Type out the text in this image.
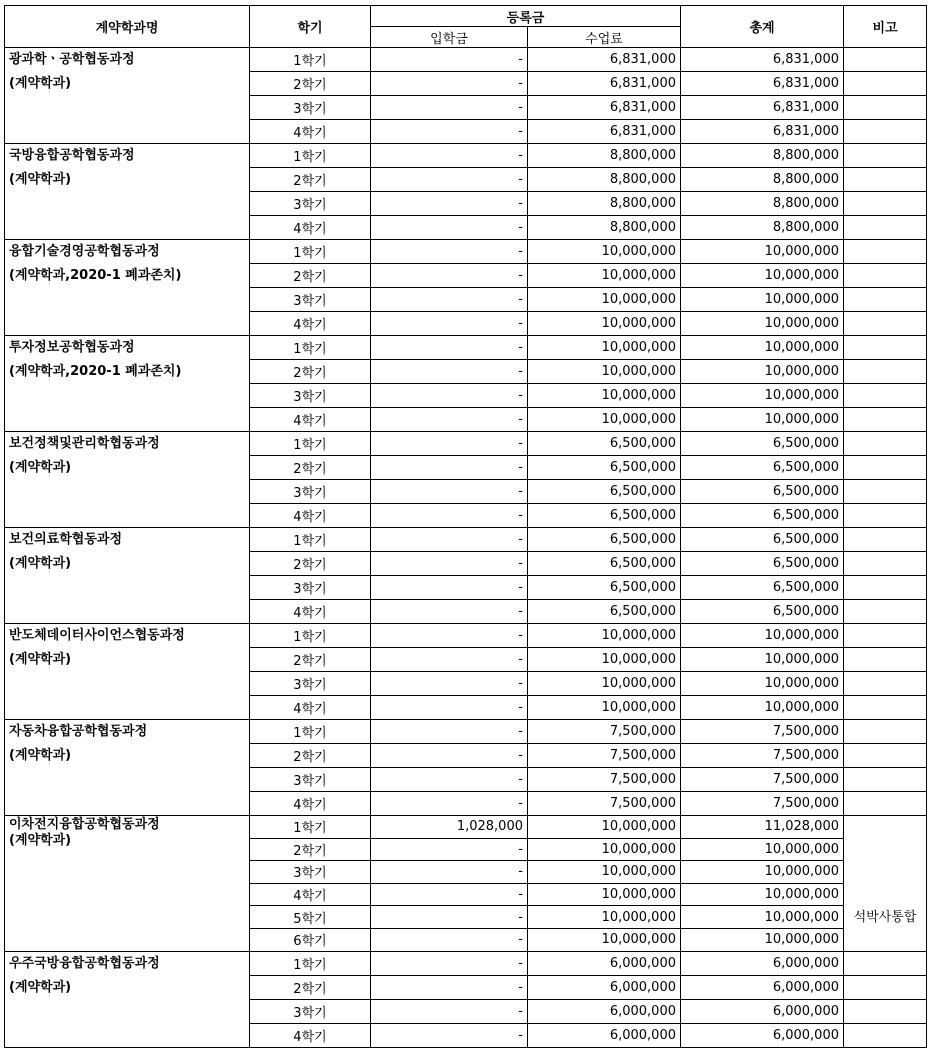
계약학과명	학기	등록금		총계	비고
		입학금	수업료		

광과학ㆍ공학협동과정
(계약학과)	1학기	-	6,831,000	6,831,000	
	2학기	-	6,831,000	6,831,000	
	3학기	-	6,831,000	6,831,000	
	4학기	-	6,831,000	6,831,000	

국방융합공학협동과정
(계약학과)	1학기	-	8,800,000	8,800,000	
	2학기	-	8,800,000	8,800,000	
	3학기	-	8,800,000	8,800,000	
	4학기	-	8,800,000	8,800,000	

융합기술경영공학협동과정
(계약학과,2020-1 폐과존치)	1학기	-	10,000,000	10,000,000	
	2학기	-	10,000,000	10,000,000	
	3학기	-	10,000,000	10,000,000	
	4학기	-	10,000,000	10,000,000	

투자정보공학협동과정
(계약학과,2020-1 폐과존치)	1학기	-	10,000,000	10,000,000	
	2학기	-	10,000,000	10,000,000	
	3학기	-	10,000,000	10,000,000	
	4학기	-	10,000,000	10,000,000	

보건정책및관리학협동과정
(계약학과)	1학기	-	6,500,000	6,500,000	
	2학기	-	6,500,000	6,500,000	
	3학기	-	6,500,000	6,500,000	
	4학기	-	6,500,000	6,500,000	

보건의료학협동과정
(계약학과)	1학기	-	6,500,000	6,500,000	
	2학기	-	6,500,000	6,500,000	
	3학기	-	6,500,000	6,500,000	
	4학기	-	6,500,000	6,500,000	

반도체데이터사이언스협동과정
(계약학과)	1학기	-	10,000,000	10,000,000	
	2학기	-	10,000,000	10,000,000	
	3학기	-	10,000,000	10,000,000	
	4학기	-	10,000,000	10,000,000	

자동차융합공학협동과정
(계약학과)	1학기	-	7,500,000	7,500,000	
	2학기	-	7,500,000	7,500,000	
	3학기	-	7,500,000	7,500,000	
	4학기	-	7,500,000	7,500,000	

이차전지융합공학협동과정
(계약학과)	1학기	1,028,000	10,000,000	11,028,000	
	2학기	-	10,000,000	10,000,000	석박사통합
	3학기	-	10,000,000	10,000,000	
	4학기	-	10,000,000	10,000,000	
	5학기	-	10,000,000	10,000,000	
	6학기	-	10,000,000	10,000,000	

우주국방융합공학협동과정
(계약학과)	1학기	-	6,000,000	6,000,000	
	2학기	-	6,000,000	6,000,000	
	3학기	-	6,000,000	6,000,000	
	4학기	-	6,000,000	6,000,000	
